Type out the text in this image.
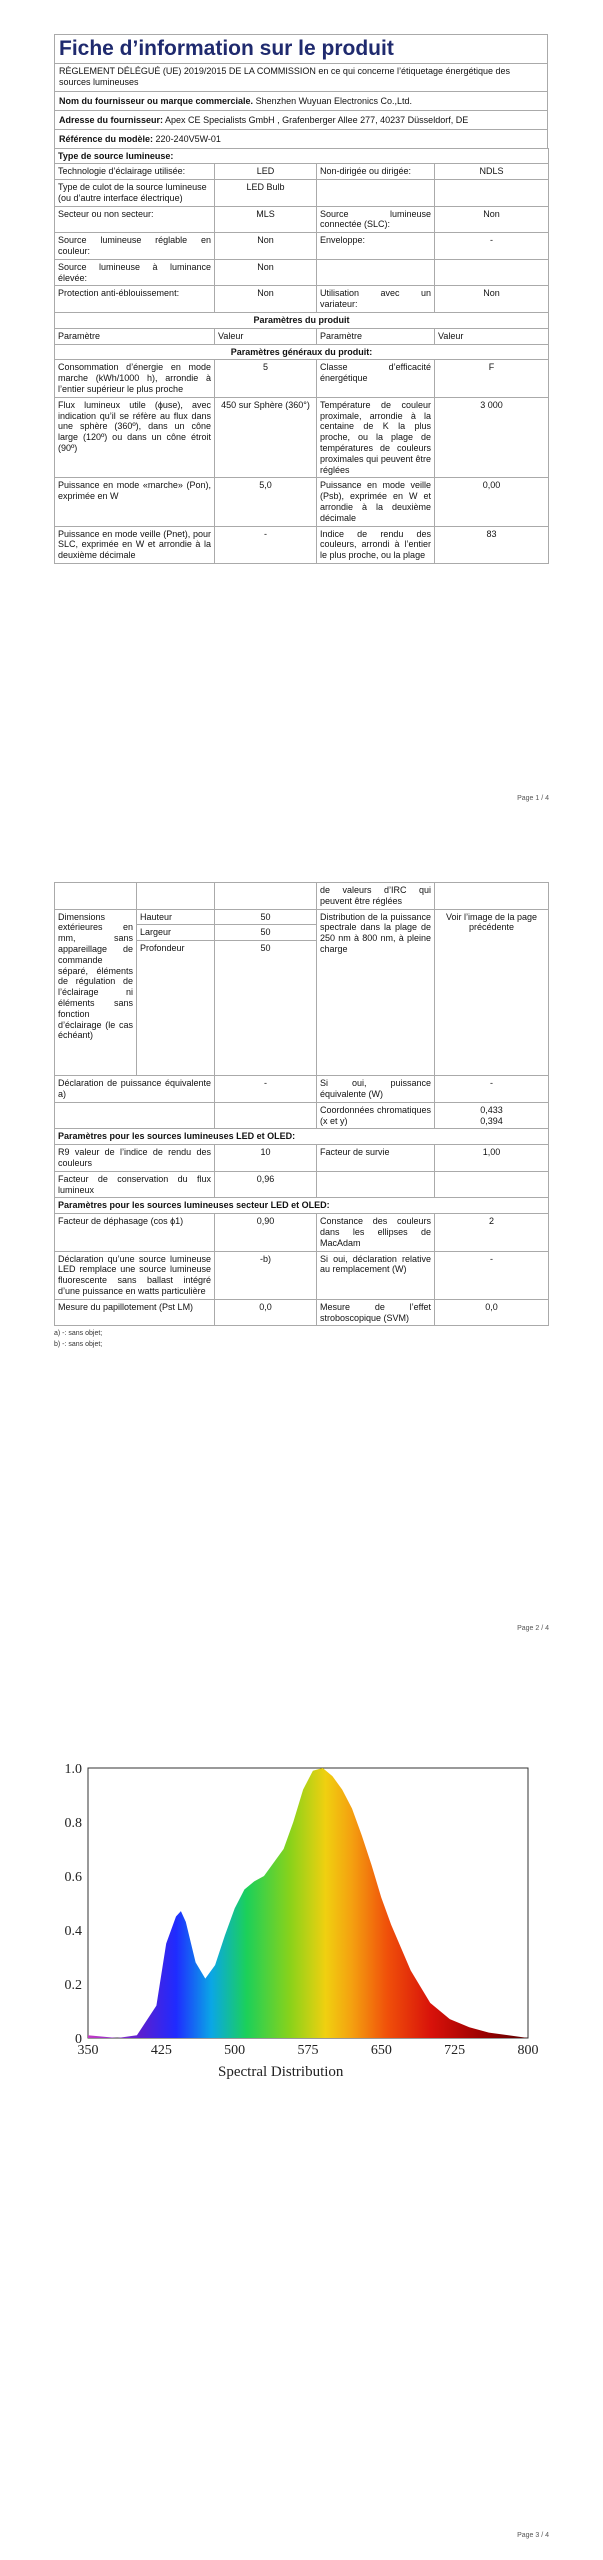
Fiche d’information sur le produit
RÈGLEMENT DÉLÉGUÉ (UE) 2019/2015 DE LA COMMISSION en ce qui concerne l’étiquetage énergétique des sources lumineuses
Nom du fournisseur ou marque commerciale. Shenzhen Wuyuan Electronics Co.,Ltd.
Adresse du fournisseur: Apex CE Specialists GmbH , Grafenberger Allee 277, 40237 Düsseldorf, DE
Référence du modèle: 220-240V5W-01
Type de source lumineuse:			
Technologie d’éclairage utilisée:	LED	Non-dirigée ou dirigée:	NDLS
Type de culot de la source lumineuse
(ou d’autre interface électrique)	LED Bulb		
Secteur ou non secteur:	MLS	Source lumineuse connectée (SLC):	Non
Source lumineuse réglable en couleur:	Non	Enveloppe:	-
Source lumineuse à luminance élevée:	Non		
Protection anti-éblouissement:	Non	Utilisation avec un variateur:	Non
Paramètres du produit			
Paramètre	Valeur	Paramètre	Valeur
Paramètres généraux du produit:			
Consommation d’énergie en mode marche (kWh/1000 h), arrondie à l’entier supérieur le plus proche	5	Classe d’efficacité énergétique	F
Flux lumineux utile (ϕuse), avec indication qu’il se réfère au flux dans une sphère (360º), dans un cône large (120º) ou dans un cône étroit (90º)	450 sur Sphère (360°)	Température de couleur proximale, arrondie à la centaine de K la plus proche, ou la plage de températures de couleurs proximales qui peuvent être réglées	3 000
Puissance en mode «marche» (Pon), exprimée en W	5,0	Puissance en mode veille (Psb), exprimée en W et arrondie à la deuxième décimale	0,00
Puissance en mode veille (Pnet), pour SLC, exprimée en W et arrondie à la deuxième décimale	-	Indice de rendu des couleurs, arrondi à l’entier le plus proche, ou la plage	83
Page 1 / 4
			de valeurs d’IRC qui peuvent être réglées	
Dimensions extérieures en mm, sans appareillage de commande séparé, éléments de régulation de l’éclairage ni éléments sans fonction d’éclairage (le cas échéant)	Hauteur	50	Distribution de la puissance spectrale dans la plage de 250 nm à 800 nm, à pleine charge	Voir l’image de la page précédente
	Largeur	50		
	Profondeur	50		
Déclaration de puissance équivalente a)		-	Si oui, puissance équivalente (W)	-
			Coordonnées chromatiques (x et y)	0,433
0,394
Paramètres pour les sources lumineuses LED et OLED:				
R9 valeur de l’indice de rendu des couleurs		10	Facteur de survie	1,00
Facteur de conservation du flux lumineux		0,96		
Paramètres pour les sources lumineuses secteur LED et OLED:				
Facteur de déphasage (cos ϕ1)		0,90	Constance des couleurs dans les ellipses de MacAdam	2
Déclaration qu’une source lumineuse LED remplace une source lumineuse fluorescente sans ballast intégré d’une puissance en watts particulière		-b)	Si oui, déclaration relative au remplacement (W)	-
Mesure du papillotement (Pst LM)		0,0	Mesure de l’effet stroboscopique (SVM)	0,0
a) -: sans objet;
b) -: sans objet;
Page 2 / 4
350	425	500	575	650	725	800
0
0.2
0.4
0.6
0.8
1.0
Spectral Distribution
Page 3 / 4
